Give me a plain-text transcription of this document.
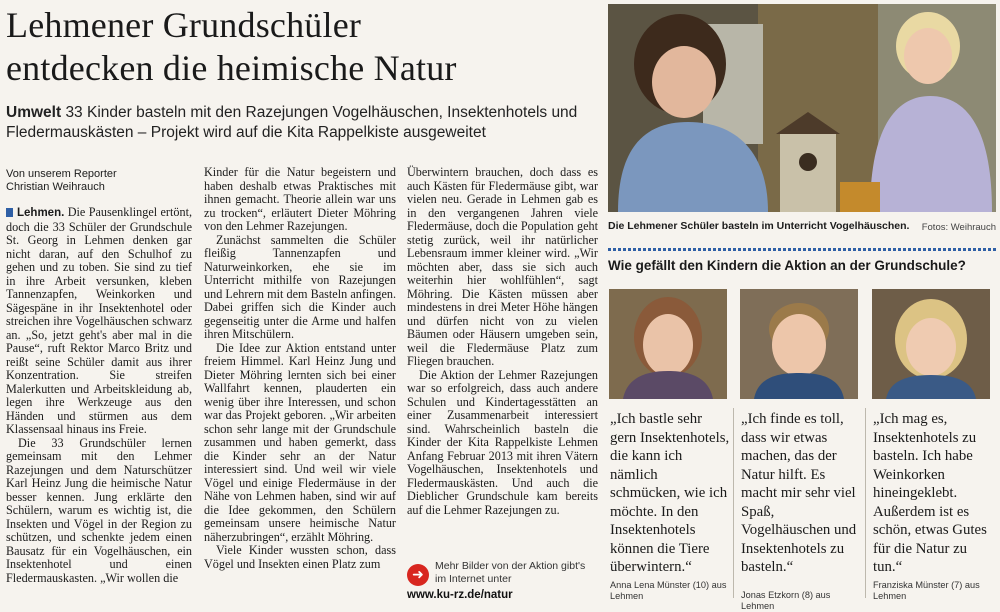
Lehmener Grundschüler
entdecken die heimische Natur
Umwelt 33 Kinder basteln mit den Razejungen Vogelhäuschen, Insektenhotels und Fledermauskästen – Projekt wird auf die Kita Rappelkiste ausgeweitet
Von unserem Reporter
Christian Weihrauch

Lehmen. Die Pausenklingel ertönt, doch die 33 Schüler der Grundschule St. Georg in Lehmen denken gar nicht daran, auf den Schulhof zu gehen und zu toben. Sie sind zu tief in ihre Arbeit versunken, kleben Tannenzapfen, Weinkorken und Sägespäne in ihr Insektenhotel oder streichen ihre Vogelhäuschen schwarz an. „So, jetzt geht's aber mal in die Pause“, ruft Rektor Marco Britz und reißt seine Schüler damit aus ihrer Konzentration. Sie streifen Malerkutten und Arbeitskleidung ab, legen ihre Werkzeuge aus den Händen und stürmen aus dem Klassensaal hinaus ins Freie.

Die 33 Grundschüler lernen gemeinsam mit den Lehmer Razejungen und dem Naturschützer Karl Heinz Jung die heimische Natur besser kennen. Jung erklärte den Schülern, warum es wichtig ist, die Insekten und Vögel in der Region zu schützen, und schenkte jedem einen Bausatz für ein Vogelhäuschen, ein Insektenhotel und einen Fledermauskasten. „Wir wollen die

Kinder für die Natur begeistern und haben deshalb etwas Praktisches mit ihnen gemacht. Theorie allein war uns zu trocken“, erläutert Dieter Möhring von den Lehmer Razejungen.

Zunächst sammelten die Schüler fleißig Tannenzapfen und Naturweinkorken, ehe sie im Unterricht mithilfe von Razejungen und Lehrern mit dem Basteln anfingen. Dabei griffen sich die Kinder auch gegenseitig unter die Arme und halfen ihren Mitschülern.

Die Idee zur Aktion entstand unter freiem Himmel. Karl Heinz Jung und Dieter Möhring lernten sich bei einer Wallfahrt kennen, plauderten ein wenig über ihre Interessen, und schon war das Projekt geboren. „Wir arbeiten schon sehr lange mit der Grundschule zusammen und haben gemerkt, dass die Kinder sehr an der Natur interessiert sind. Und weil wir viele Vögel und einige Fledermäuse in der Nähe von Lehmen haben, sind wir auf die Idee gekommen, den Schülern gemeinsam unsere heimische Natur näherzubringen“, erzählt Möhring.

Viele Kinder wussten schon, dass Vögel und Insekten einen Platz zum

Überwintern brauchen, doch dass es auch Kästen für Fledermäuse gibt, war vielen neu. Gerade in Lehmen gab es in den vergangenen Jahren viele Fledermäuse, doch die Population geht stetig zurück, weil ihr natürlicher Lebensraum immer kleiner wird. „Wir möchten aber, dass sie sich auch weiterhin hier wohlfühlen“, sagt Möhring. Die Kästen müssen aber mindestens in drei Meter Höhe hängen und dürfen nicht von zu vielen Bäumen oder Häusern umgeben sein, weil die Fledermäuse Platz zum Fliegen brauchen.

Die Aktion der Lehmer Razejungen war so erfolgreich, dass auch andere Schulen und Kindertagesstätten an einer Zusammenarbeit interessiert sind. Wahrscheinlich basteln die Kinder der Kita Rappelkiste Lehmen Anfang Februar 2013 mit ihren Vätern Vogelhäuschen, Insektenhotels und Fledermauskästen. Und auch die Dieblicher Grundschule kam bereits auf die Lehmer Razejungen zu.

➜
Mehr Bilder von der Aktion gibt's im Internet unter
www.ku-rz.de/natur
Die Lehmener Schüler basteln im Unterricht Vogelhäuschen. Fotos: Weihrauch
Wie gefällt den Kindern die Aktion an der Grundschule?
„Ich bastle sehr gern Insektenhotels, die kann ich nämlich schmücken, wie ich möchte. In den Insektenhotels können die Tiere überwintern.“
„Ich finde es toll, dass wir etwas machen, das der Natur hilft. Es macht mir sehr viel Spaß, Vogelhäuschen und Insektenhotels zu basteln.“
„Ich mag es, Insektenhotels zu basteln. Ich habe Weinkorken hineingeklebt. Außerdem ist es schön, etwas Gutes für die Natur zu tun.“
Anna Lena Münster (10) aus Lehmen	Jonas Etzkorn (8) aus Lehmen
Franziska Münster (7) aus Lehmen
